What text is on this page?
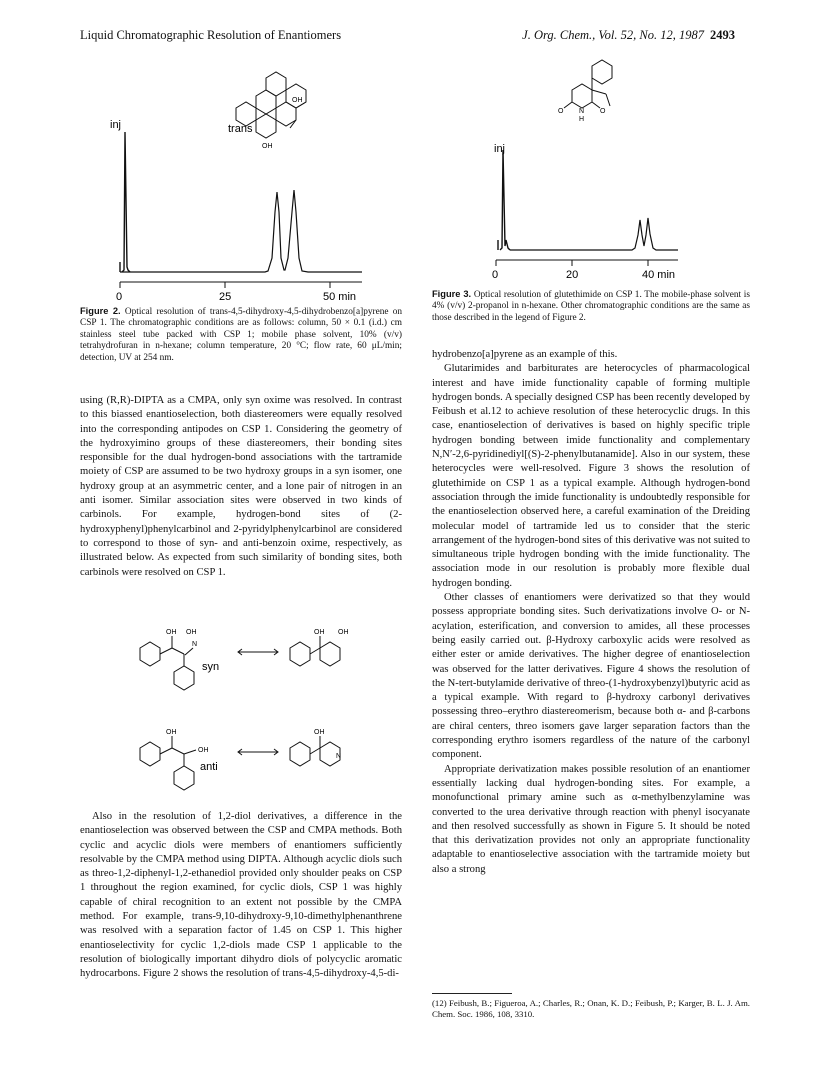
Liquid Chromatographic Resolution of Enantiomers	J. Org. Chem., Vol. 52, No. 12, 1987 2493
OH
OH
trans
inj
0	25	50 min
Figure 2. Optical resolution of trans-4,5-dihydroxy-4,5-dihydrobenzo[a]pyrene on CSP 1. The chromatographic conditions are as follows: column, 50 × 0.1 (i.d.) cm stainless steel tube packed with CSP 1; mobile phase solvent, 10% (v/v) tetrahydrofuran in n-hexane; column temperature, 20 °C; flow rate, 60 μL/min; detection, UV at 254 nm.
O	O
N
H
inj
0	20	40 min
Figure 3. Optical resolution of glutethimide on CSP 1. The mobile-phase solvent is 4% (v/v) 2-propanol in n-hexane. Other chromatographic conditions are the same as those described in the legend of Figure 2.

using (R,R)-DIPTA as a CMPA, only syn oxime was resolved. In contrast to this biassed enantioselection, both diastereomers were equally resolved into the corresponding antipodes on CSP 1. Considering the geometry of the hydroxyimino groups of these diastereomers, their bonding sites responsible for the dual hydrogen-bond associations with the tartramide moiety of CSP are assumed to be two hydroxy groups in a syn isomer, one hydroxy group at an asymmetric center, and a lone pair of nitrogen in an anti isomer. Similar association sites were observed in two kinds of carbinols. For example, hydrogen-bond sites of (2-hydroxyphenyl)phenylcarbinol and 2-pyridylphenylcarbinol are considered to correspond to those of syn- and anti-benzoin oxime, respectively, as illustrated below. As expected from such similarity of bonding sites, both carbinols were resolved on CSP 1.

OH OH
N
syn
OH OH
OH
OH
anti
OH
N

Also in the resolution of 1,2-diol derivatives, a difference in the enantioselection was observed between the CSP and CMPA methods. Both cyclic and acyclic diols were members of enantiomers sufficiently resolvable by the CMPA method using DIPTA. Although acyclic diols such as threo-1,2-diphenyl-1,2-ethanediol provided only shoulder peaks on CSP 1 throughout the region examined, for cyclic diols, CSP 1 was highly capable of chiral recognition to an extent not possible by the CMPA method. For example, trans-9,10-dihydroxy-9,10-dimethylphenanthrene was resolved with a separation factor of 1.45 on CSP 1. This higher enantioselectivity for cyclic 1,2-diols made CSP 1 applicable to the resolution of biologically important dihydro diols of polycyclic aromatic hydrocarbons. Figure 2 shows the resolution of trans-4,5-dihydroxy-4,5-di-

hydrobenzo[a]pyrene as an example of this.

Glutarimides and barbiturates are heterocycles of pharmacological interest and have imide functionality capable of forming multiple hydrogen bonds. A specially designed CSP has been recently developed by Feibush et al.12 to achieve resolution of these heterocyclic drugs. In this case, enantioselection of derivatives is based on highly specific triple hydrogen bonding between imide functionality and complementary N,N′-2,6-pyridinediyl[(S)-2-phenylbutanamide]. Also in our system, these heterocycles were well-resolved. Figure 3 shows the resolution of glutethimide on CSP 1 as a typical example. Although hydrogen-bond association through the imide functionality is undoubtedly responsible for the enantioselection observed here, a careful examination of the Dreiding molecular model of tartramide led us to consider that the steric arrangement of the hydrogen-bond sites of this derivative was not suited to simultaneous triple hydrogen bonding with the imide functionality. The association mode in our resolution is probably more flexible dual hydrogen bonding.

Other classes of enantiomers were derivatized so that they would possess appropriate bonding sites. Such derivatizations involve O- or N-acylation, esterification, and conversion to amides, all these processes being easily carried out. β-Hydroxy carboxylic acids were resolved as either ester or amide derivatives. The higher degree of enantioselection was observed for the latter derivatives. Figure 4 shows the resolution of the N-tert-butylamide derivative of threo-(1-hydroxybenzyl)butyric acid as a typical example. With regard to β-hydroxy carbonyl derivatives possessing threo–erythro diastereomerism, because both α- and β-carbons are chiral centers, threo isomers gave larger separation factors than the corresponding erythro isomers regardless of the nature of the carbonyl component.

Appropriate derivatization makes possible resolution of an enantiomer essentially lacking dual hydrogen-bonding sites. For example, a monofunctional primary amine such as α-methylbenzylamine was converted to the urea derivative through reaction with phenyl isocyanate and then resolved successfully as shown in Figure 5. It should be noted that this derivatization provides not only an appropriate functionality adaptable to enantioselective association with the tartramide moiety but also a strong

(12) Feibush, B.; Figueroa, A.; Charles, R.; Onan, K. D.; Feibush, P.; Karger, B. L. J. Am. Chem. Soc. 1986, 108, 3310.
